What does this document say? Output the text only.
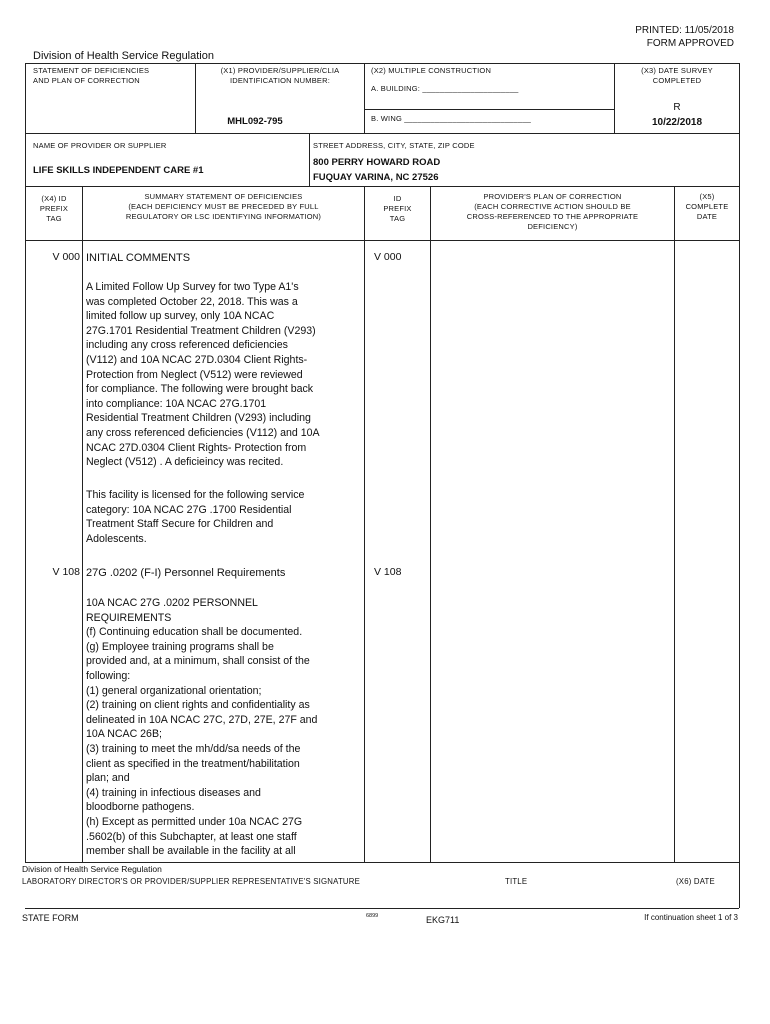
PRINTED: 11/05/2018
FORM APPROVED
Division of Health Service Regulation
STATEMENT OF DEFICIENCIES
AND PLAN OF CORRECTION
(X1) PROVIDER/SUPPLIER/CLIA
IDENTIFICATION NUMBER:
MHL092-795
(X2) MULTIPLE CONSTRUCTION
A. BUILDING: ______________________
B. WING _____________________________
(X3) DATE SURVEY
COMPLETED
R
10/22/2018
NAME OF PROVIDER OR SUPPLIER
LIFE SKILLS INDEPENDENT CARE #1
STREET ADDRESS, CITY, STATE, ZIP CODE
800 PERRY HOWARD ROAD
FUQUAY VARINA, NC 27526
(X4) ID
PREFIX
TAG
SUMMARY STATEMENT OF DEFICIENCIES
(EACH DEFICIENCY MUST BE PRECEDED BY FULL
REGULATORY OR LSC IDENTIFYING INFORMATION)
ID
PREFIX
TAG
PROVIDER'S PLAN OF CORRECTION
(EACH CORRECTIVE ACTION SHOULD BE
CROSS-REFERENCED TO THE APPROPRIATE
DEFICIENCY)
(X5)
COMPLETE
DATE
V 000	V 000
INITIAL COMMENTS
A Limited Follow Up Survey for two Type A1's
was completed October 22, 2018. This was a
limited follow up survey, only 10A NCAC
27G.1701 Residential Treatment Children (V293)
including any cross referenced deficiencies
(V112) and 10A NCAC 27D.0304 Client Rights-
Protection from Neglect (V512) were reviewed
for compliance. The following were brought back
into compliance: 10A NCAC 27G.1701
Residential Treatment Children (V293) including
any cross referenced deficiencies (V112) and 10A
NCAC 27D.0304 Client Rights- Protection from
Neglect (V512) . A deficieincy was recited.
This facility is licensed for the following service
category: 10A NCAC 27G .1700 Residential
Treatment Staff Secure for Children and
Adolescents.
V 108	V 108
27G .0202 (F-I) Personnel Requirements
10A NCAC 27G .0202 PERSONNEL
REQUIREMENTS
(f) Continuing education shall be documented.
(g) Employee training programs shall be
provided and, at a minimum, shall consist of the
following:
(1) general organizational orientation;
(2) training on client rights and confidentiality as
delineated in 10A NCAC 27C, 27D, 27E, 27F and
10A NCAC 26B;
(3) training to meet the mh/dd/sa needs of the
client as specified in the treatment/habilitation
plan; and
(4) training in infectious diseases and
bloodborne pathogens.
(h) Except as permitted under 10a NCAC 27G
.5602(b) of this Subchapter, at least one staff
member shall be available in the facility at all
Division of Health Service Regulation
LABORATORY DIRECTOR'S OR PROVIDER/SUPPLIER REPRESENTATIVE'S SIGNATURE	TITLE	(X6) DATE
STATE FORM	6899	EKG711	If continuation sheet 1 of 3
